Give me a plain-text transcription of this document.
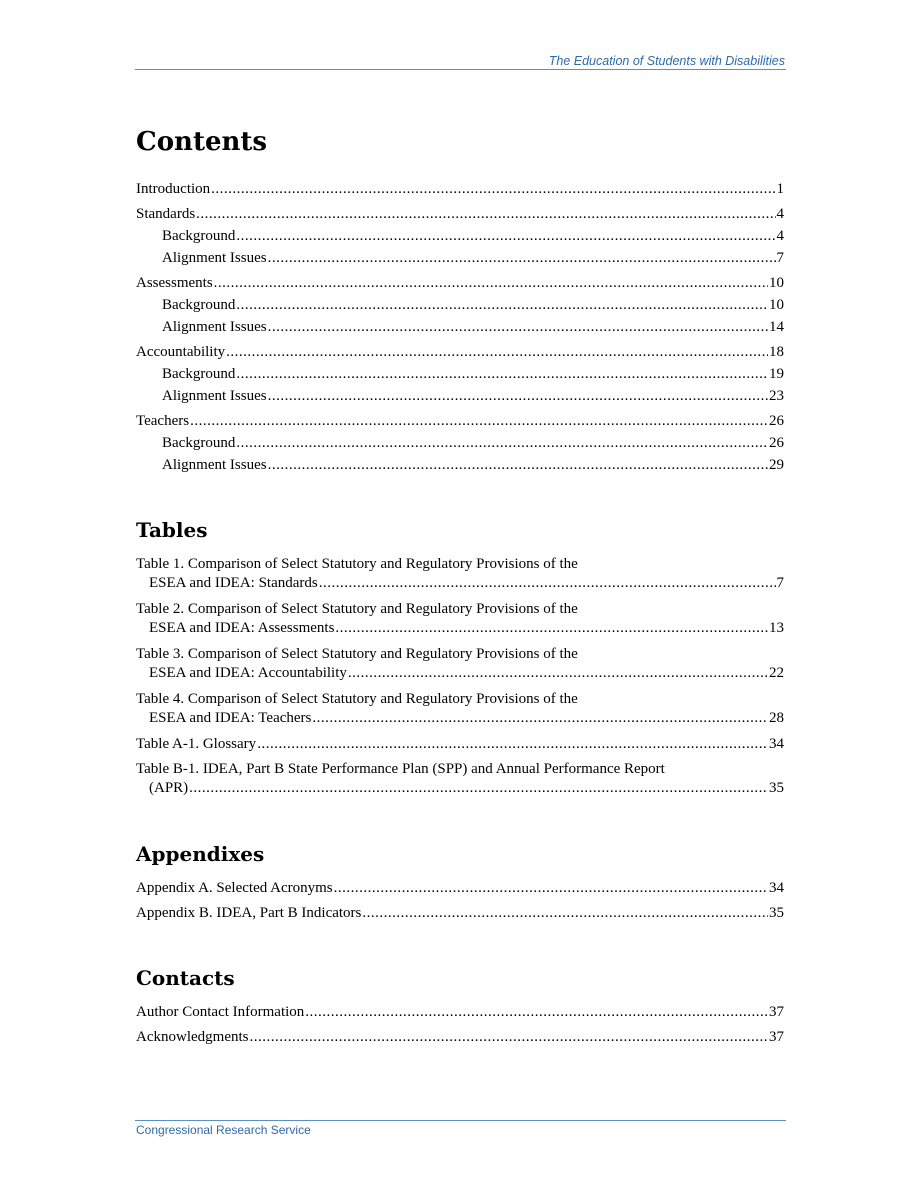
The Education of Students with Disabilities
Contents
Introduction .....	1
Standards .....	4
Background .....	4
Alignment Issues .....	7
Assessments .....	10
Background .....	10
Alignment Issues .....	14
Accountability .....	18
Background .....	19
Alignment Issues .....	23
Teachers .....	26
Background .....	26
Alignment Issues .....	29
Tables
Table 1. Comparison of Select Statutory and Regulatory Provisions of the
ESEA and IDEA: Standards .....	7
Table 2. Comparison of Select Statutory and Regulatory Provisions of the
ESEA and IDEA: Assessments .....	13
Table 3. Comparison of Select Statutory and Regulatory Provisions of the
ESEA and IDEA: Accountability .....	22
Table 4. Comparison of Select Statutory and Regulatory Provisions of the
ESEA and IDEA: Teachers .....	28
Table A-1. Glossary .....	34
Table B-1. IDEA, Part B State Performance Plan (SPP) and Annual Performance Report
(APR) .....	35
Appendixes
Appendix A. Selected Acronyms .....	34
Appendix B. IDEA, Part B Indicators .....	35
Contacts
Author Contact Information .....	37
Acknowledgments .....	37
Congressional Research Service
